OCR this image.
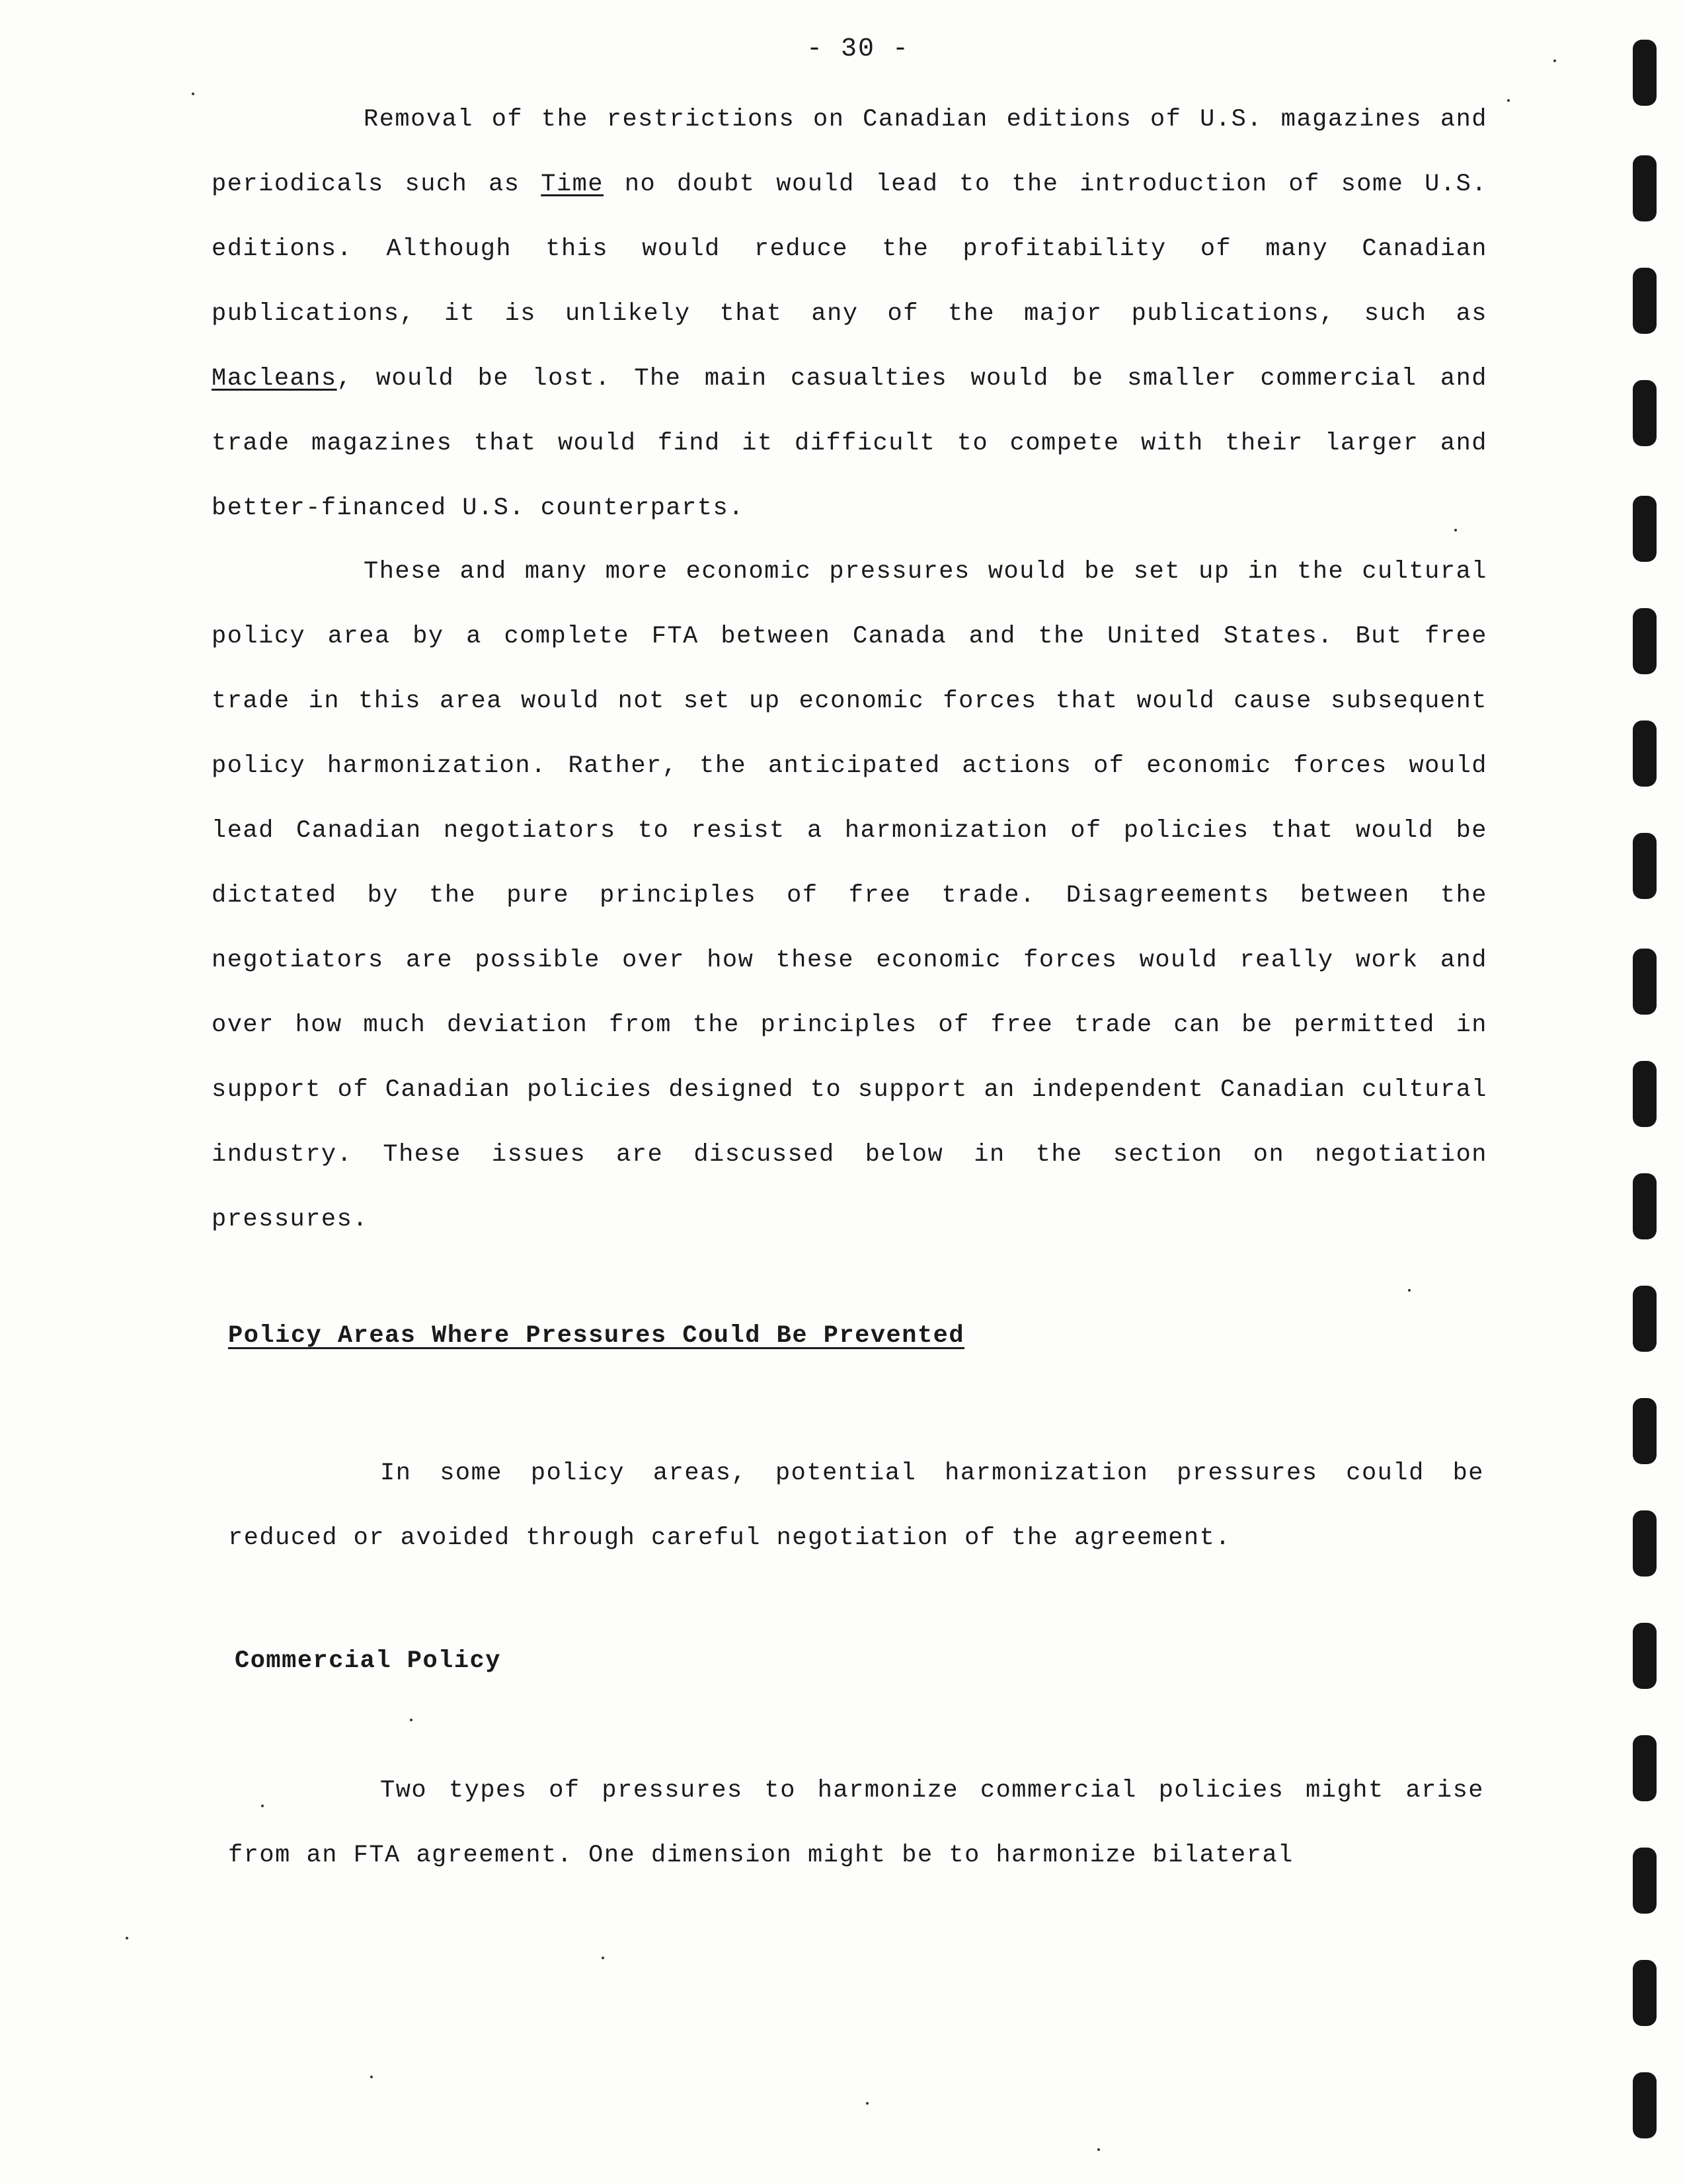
- 30 -

Removal of the restrictions on Canadian editions of U.S. magazines and periodicals such as Time no doubt would lead to the introduction of some U.S. editions. Although this would reduce the profitability of many Canadian publications, it is unlikely that any of the major publications, such as Macleans, would be lost. The main casualties would be smaller commercial and trade magazines that would find it difficult to compete with their larger and better-financed U.S. counterparts.

These and many more economic pressures would be set up in the cultural policy area by a complete FTA between Canada and the United States. But free trade in this area would not set up economic forces that would cause subsequent policy harmonization. Rather, the anticipated actions of economic forces would lead Canadian negotiators to resist a harmonization of policies that would be dictated by the pure principles of free trade. Disagreements between the negotiators are possible over how these economic forces would really work and over how much deviation from the principles of free trade can be permitted in support of Canadian policies designed to support an independent Canadian cultural industry. These issues are discussed below in the section on negotiation pressures.

Policy Areas Where Pressures Could Be Prevented

In some policy areas, potential harmonization pressures could be reduced or avoided through careful negotiation of the agreement.

Commercial Policy

Two types of pressures to harmonize commercial policies might arise from an FTA agreement. One dimension might be to harmonize bilateral
